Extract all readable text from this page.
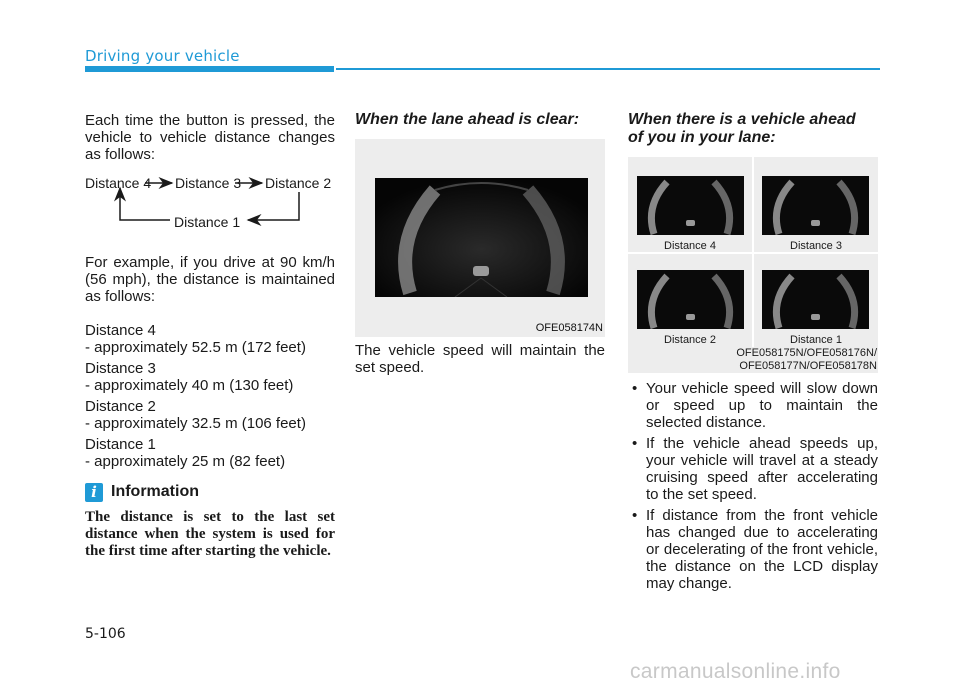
Driving your vehicle
Each time the button is pressed, the vehicle to vehicle distance changes as follows:
Distance 4 Distance 3 Distance 2
Distance 1
For example, if you drive at 90 km/h (56 mph), the distance is maintained as follows:

Distance 4
- approximately 52.5 m (172 feet)

Distance 3
- approximately 40 m (130 feet)

Distance 2
- approximately 32.5 m (106 feet)

Distance 1
- approximately 25 m (82 feet)

i Information
The distance is set to the last set distance when the system is used for the first time after starting the vehicle.
When the lane ahead is clear:
OFE058174N
The vehicle speed will maintain the set speed.
When there is a vehicle ahead
of you in your lane:
Distance 4	Distance 3
Distance 2	Distance 1
OFE058175N/OFE058176N/
OFE058177N/OFE058178N
• Your vehicle speed will slow down or speed up to maintain the selected distance.
• If the vehicle ahead speeds up, your vehicle will travel at a steady cruising speed after accelerating to the set speed.
• If distance from the front vehicle has changed due to accelerating or decelerating of the front vehicle, the distance on the LCD display may change.
5-106
carmanualsonline.info
